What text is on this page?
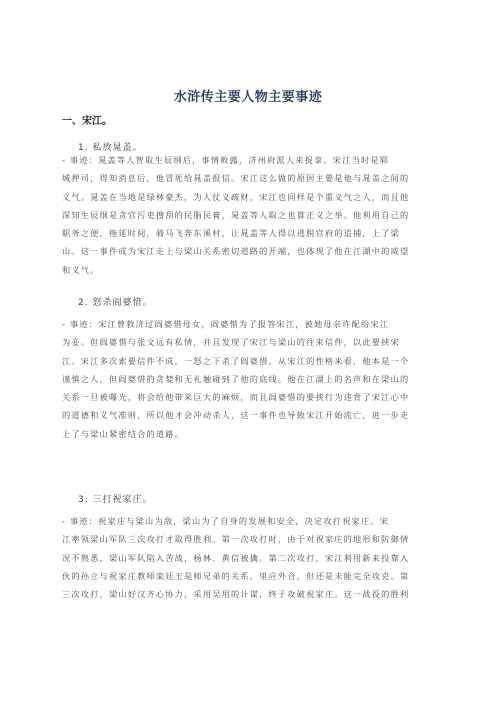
水浒传主要人物主要事迹
一、宋江。
1. 私放晁盖。
- 事迹：晁盖等人智取生辰纲后，事情败露，济州府派人来捉拿。宋江当时是郓
城押司，得知消息后，他冒死给晁盖报信。宋江这么做的原因主要是他与晁盖之间的
义气。晁盖在当地是绿林豪杰，为人仗义疏财，宋江也同样是个重义气之人，而且他
深知生辰纲是贪官污吏搜刮的民脂民膏，晁盖等人取之也算正义之举。他利用自己的
职务之便，拖延时间，骑马飞奔东溪村，让晁盖等人得以逃脱官府的追捕，上了梁
山。这一事件成为宋江走上与梁山关系密切道路的开端，也体现了他在江湖中的威望
和义气。
2. 怒杀阎婆惜。
- 事迹：宋江曾救济过阎婆惜母女，阎婆惜为了报答宋江，被她母亲许配给宋江
为妾。但阎婆惜与张文远有私情，并且发现了宋江与梁山的往来信件，以此要挟宋
江。宋江多次索要信件不成，一怒之下杀了阎婆惜。从宋江的性格来看，他本是一个
谨慎之人，但阎婆惜的贪婪和无礼触碰到了他的底线。他在江湖上的名声和在梁山的
关系一旦被曝光，将会给他带来巨大的麻烦，而且阎婆惜的要挟行为违背了宋江心中
的道德和义气准则，所以他才会冲动杀人，这一事件也导致宋江开始流亡，进一步走
上了与梁山紧密结合的道路。
3. 三打祝家庄。
- 事迹：祝家庄与梁山为敌，梁山为了自身的发展和安全，决定攻打祝家庄。宋
江率领梁山军队三次攻打才取得胜利。第一次攻打时，由于对祝家庄的地形和防御情
况不熟悉，梁山军队陷入苦战，杨林、黄信被擒。第二次攻打，宋江利用新来投靠入
伙的孙立与祝家庄教师栾廷玉是师兄弟的关系，里应外合，但还是未能完全攻克。第
三次攻打，梁山好汉齐心协力，采用吴用的计谋，终于攻破祝家庄。这一战役的胜利
